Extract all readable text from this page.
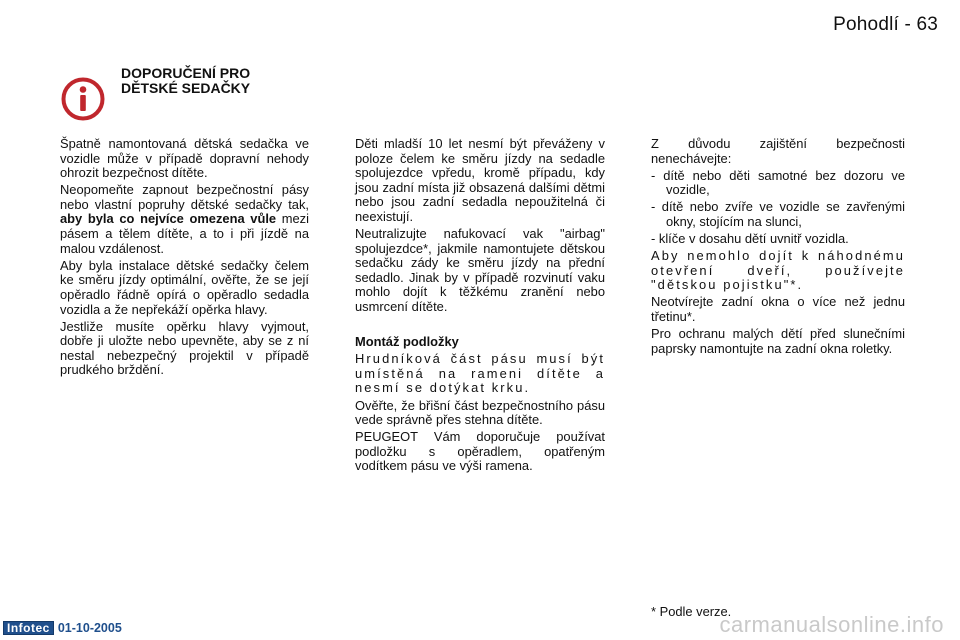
Pohodlí - 63
DOPORUČENÍ PRO
DĚTSKÉ SEDAČKY

Špatně namontovaná dětská sedačka ve vozidle může v případě dopravní nehody ohrozit bezpečnost dítěte.

Neopomeňte zapnout bezpečnostní pásy nebo vlastní popruhy dětské sedačky tak, aby byla co nejvíce omezena vůle mezi pásem a tělem dítěte, a to i při jízdě na malou vzdálenost.

Aby byla instalace dětské sedačky čelem ke směru jízdy optimální, ověřte, že se její opěradlo řádně opírá o opěradlo sedadla vozidla a že nepřekáží opěrka hlavy.

Jestliže musíte opěrku hlavy vyjmout, dobře ji uložte nebo upevněte, aby se z ní nestal nebezpečný projektil v případě prudkého brždění.

Děti mladší 10 let nesmí být převáženy v poloze čelem ke směru jízdy na sedadle spolujezdce vpředu, kromě případu, kdy jsou zadní místa již obsazená dalšími dětmi nebo jsou zadní sedadla nepoužitelná či neexistují.

Neutralizujte nafukovací vak "airbag" spolujezdce*, jakmile namontujete dětskou sedačku zády ke směru jízdy na přední sedadlo. Jinak by v případě rozvinutí vaku mohlo dojít k těžkému zranění nebo usmrcení dítěte.

Montáž podložky

Hrudníková část pásu musí být umístěná na rameni dítěte a nesmí se dotýkat krku.

Ověřte, že břišní část bezpečnostního pásu vede správně přes stehna dítěte.

PEUGEOT Vám doporučuje používat podložku s opěradlem, opatřeným vodítkem pásu ve výši ramena.

Z důvodu zajištění bezpečnosti nenechávejte:

- dítě nebo děti samotné bez dozoru ve vozidle,

- dítě nebo zvíře ve vozidle se zavřenými okny, stojícím na slunci,

- klíče v dosahu dětí uvnitř vozidla.

Aby nemohlo dojít k náhodnému otevření dveří, používejte "dětskou pojistku"*.

Neotvírejte zadní okna o více než jednu třetinu*.

Pro ochranu malých dětí před slunečními paprsky namontujte na zadní okna roletky.

* Podle verze.
Infotec 01-10-2005	carmanualsonline.info
